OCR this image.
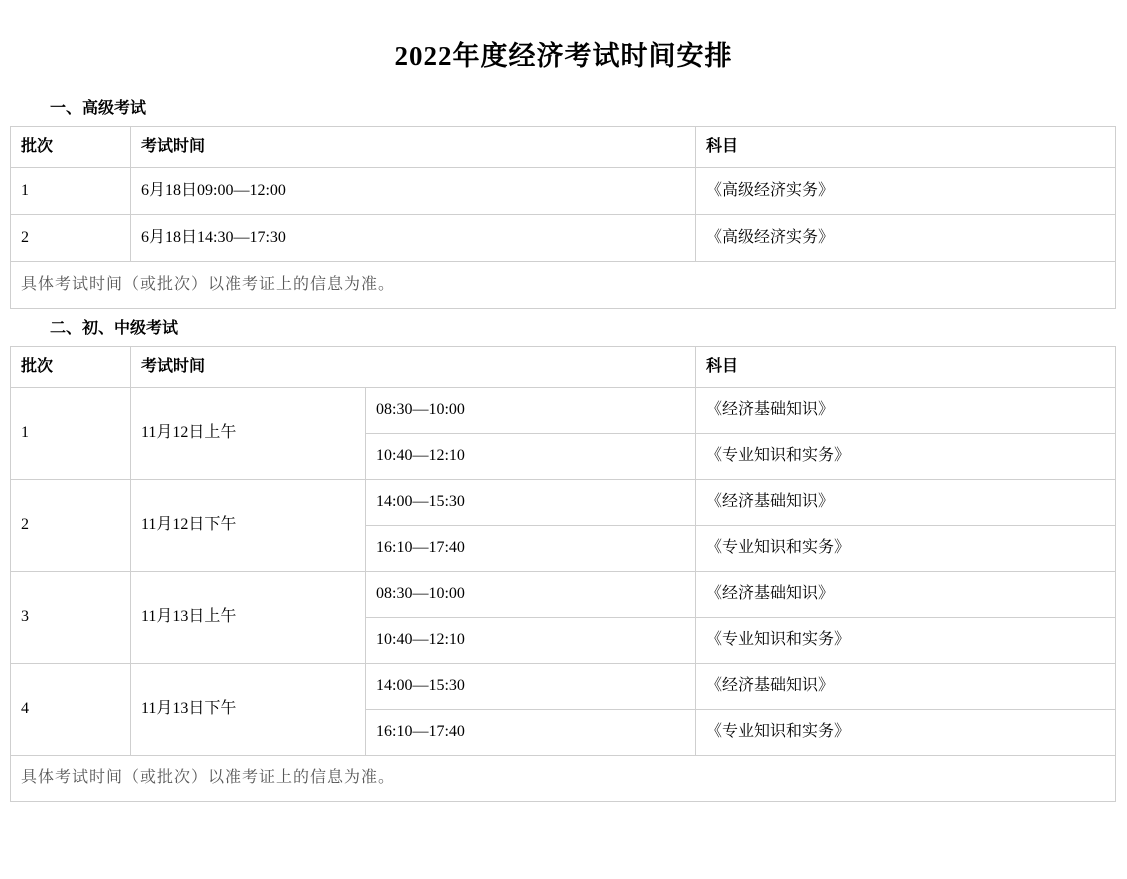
2022年度经济考试时间安排
一、高级考试
批次	考试时间	科目
1	6月18日09:00—12:00	《高级经济实务》
2	6月18日14:30—17:30	《高级经济实务》
具体考试时间（或批次）以准考证上的信息为准。		
二、初、中级考试
批次	考试时间		科目
1	11月12日上午	08:30—10:00	《经济基础知识》
		10:40—12:10	《专业知识和实务》
2	11月12日下午	14:00—15:30	《经济基础知识》
		16:10—17:40	《专业知识和实务》
3	11月13日上午	08:30—10:00	《经济基础知识》
		10:40—12:10	《专业知识和实务》
4	11月13日下午	14:00—15:30	《经济基础知识》
		16:10—17:40	《专业知识和实务》
具体考试时间（或批次）以准考证上的信息为准。			
